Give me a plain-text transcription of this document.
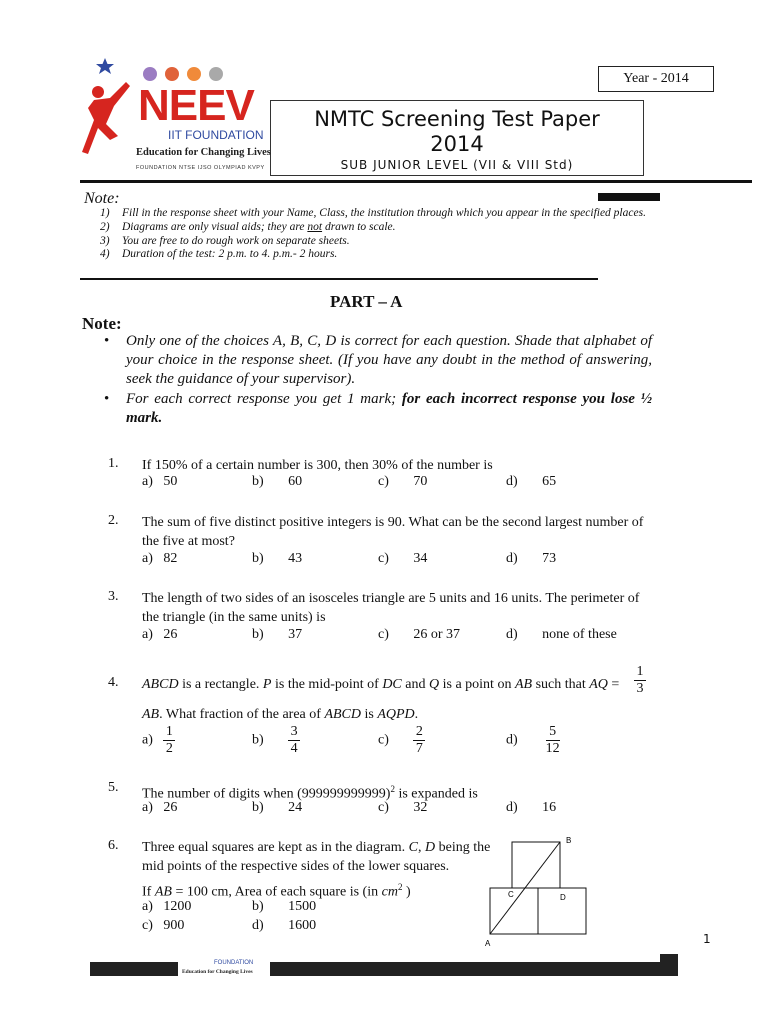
Year - 2014
NMTC Screening Test Paper
2014
SUB JUNIOR LEVEL (VII & VIII Std)
NEEV
IIT FOUNDATION
Education for Changing Lives
FOUNDATION NTSE IJSO OLYMPIAD KVPY
Note:
1)	Fill in the response sheet with your Name, Class, the institution through which you appear in the specified places.
2)	Diagrams are only visual aids; they are not drawn to scale.
3)	You are free to do rough work on separate sheets.
4)	Duration of the test: 2 p.m. to 4. p.m.- 2 hours.
PART – A
Note:
•	Only one of the choices A, B, C, D is correct for each question. Shade that alphabet of your choice in the response sheet. (If you have any doubt in the method of answering, seek the guidance of your supervisor).
•	For each correct response you get 1 mark; for each incorrect response you lose ½ mark.
1. If 150% of a certain number is 300, then 30% of the number is
a) 50	b) 60	c) 70	d) 65
2. The sum of five distinct positive integers is 90. What can be the second largest number of the five at most?
a) 82	b) 43	c) 34	d) 73
3. The length of two sides of an isosceles triangle are 5 units and 16 units. The perimeter of the triangle (in the same units) is
a) 26	b) 37	c) 26 or 37	d) none of these
4. ABCD is a rectangle. P is the mid-point of DC and Q is a point on AB such that AQ =
1
3
AB. What fraction of the area of ABCD is AQPD.
$a) \frac{1}{2}$	$b) \frac{3}{4}$	$c) \frac{2}{7}$	$d) \frac{5}{12}$
5. The number of digits when $(999999999999)^2$ is expanded is
a) 26	b) 24	c) 32	d) 16
6. Three equal squares are kept as in the diagram. C, D being the
mid points of the respective sides of the lower squares.
If AB = 100 cm, Area of each square is (in $cm^2$ )
a) 1200	b) 1500
c) 900	d) 1600
B
C	D
A	1
FOUNDATION
Education for Changing Lives
